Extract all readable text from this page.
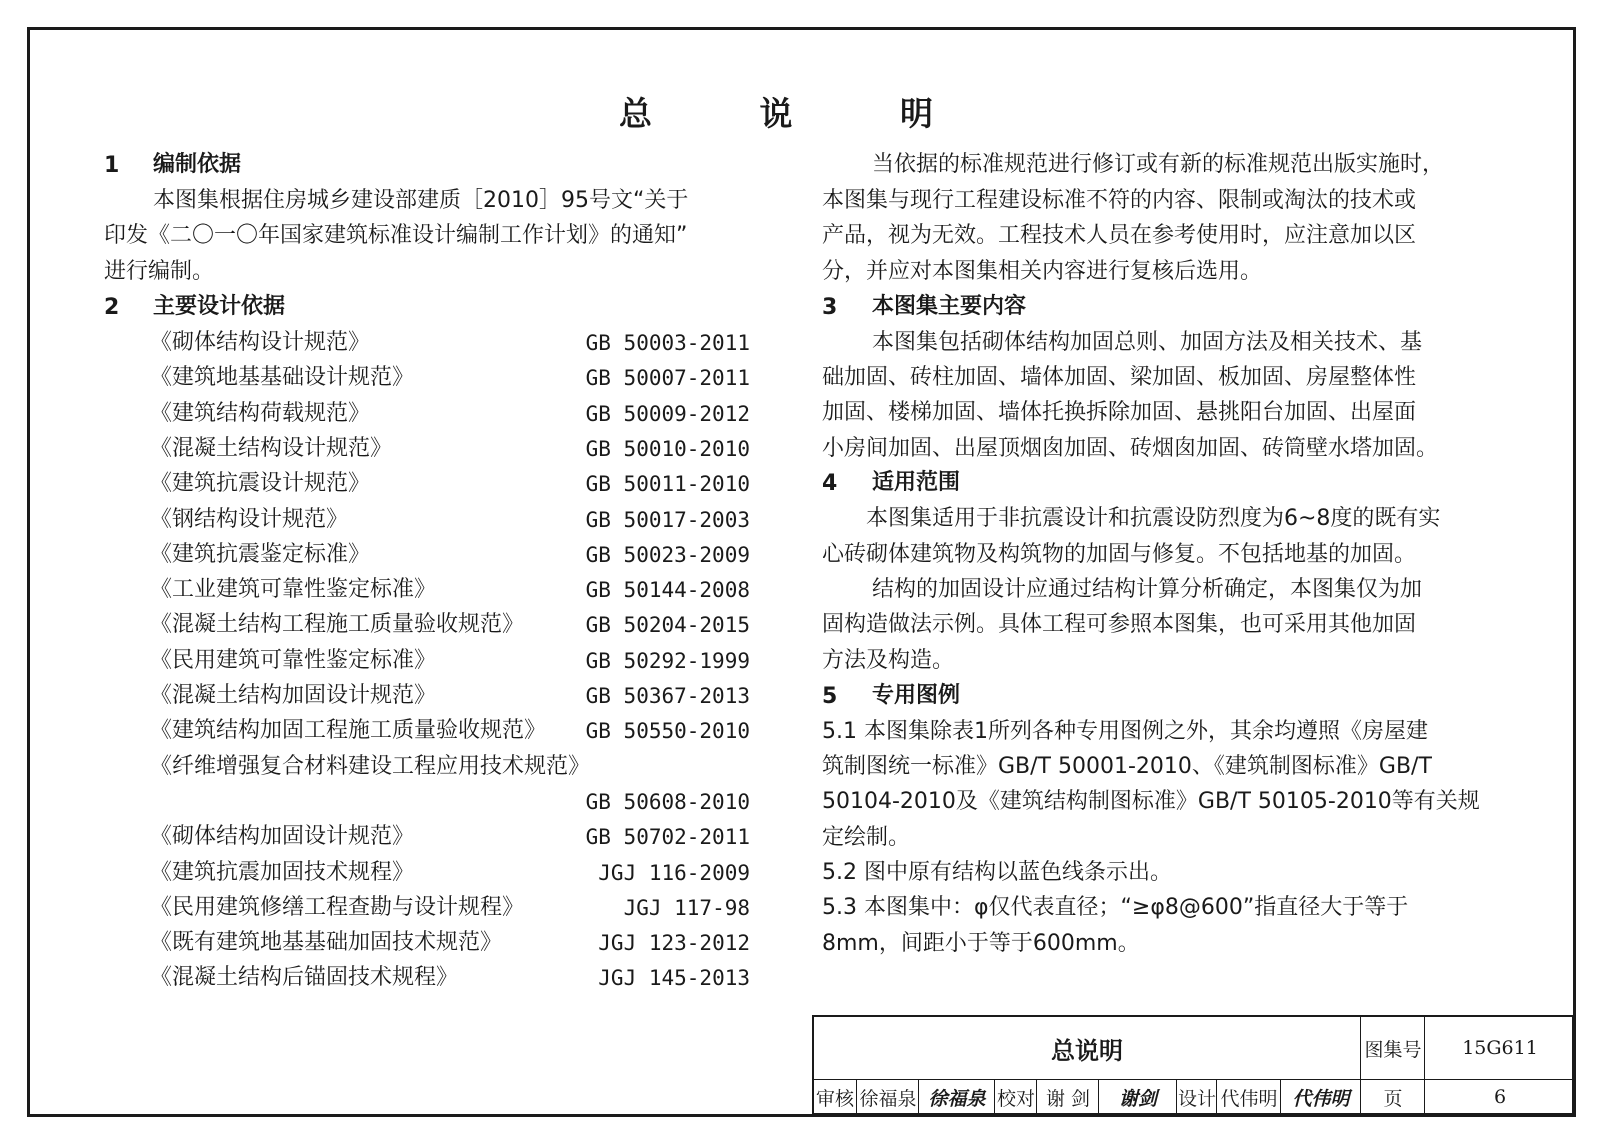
总 说 明
1 编制依据
本图集根据住房城乡建设部建质［2010］95号文“关于
印发《二〇一〇年国家建筑标准设计编制工作计划》的通知”
进行编制。
2 主要设计依据
《砌体结构设计规范》	GB 50003-2011
《建筑地基基础设计规范》	GB 50007-2011
《建筑结构荷载规范》	GB 50009-2012
《混凝土结构设计规范》	GB 50010-2010
《建筑抗震设计规范》	GB 50011-2010
《钢结构设计规范》	GB 50017-2003
《建筑抗震鉴定标准》	GB 50023-2009
《工业建筑可靠性鉴定标准》	GB 50144-2008
《混凝土结构工程施工质量验收规范》	GB 50204-2015
《民用建筑可靠性鉴定标准》	GB 50292-1999
《混凝土结构加固设计规范》	GB 50367-2013
《建筑结构加固工程施工质量验收规范》 GB 50550-2010
《纤维增强复合材料建设工程应用技术规范》
GB 50608-2010
《砌体结构加固设计规范》	GB 50702-2011
《建筑抗震加固技术规程》	JGJ 116-2009
《民用建筑修缮工程查勘与设计规程》	JGJ 117-98
《既有建筑地基基础加固技术规范》	JGJ 123-2012
《混凝土结构后锚固技术规程》	JGJ 145-2013
当依据的标准规范进行修订或有新的标准规范出版实施时，
本图集与现行工程建设标准不符的内容、限制或淘汰的技术或
产品，视为无效。工程技术人员在参考使用时，应注意加以区
分，并应对本图集相关内容进行复核后选用。
3 本图集主要内容
本图集包括砌体结构加固总则、加固方法及相关技术、基
础加固、砖柱加固、墙体加固、梁加固、板加固、房屋整体性
加固、楼梯加固、墙体托换拆除加固、悬挑阳台加固、出屋面
小房间加固、出屋顶烟囱加固、砖烟囱加固、砖筒壁水塔加固。
4 适用范围
本图集适用于非抗震设计和抗震设防烈度为6~8度的既有实
心砖砌体建筑物及构筑物的加固与修复。不包括地基的加固。
结构的加固设计应通过结构计算分析确定，本图集仅为加
固构造做法示例。具体工程可参照本图集，也可采用其他加固
方法及构造。
5 专用图例
5.1 本图集除表1所列各种专用图例之外，其余均遵照《房屋建
筑制图统一标准》GB/T 50001-2010、《建筑制图标准》GB/T
50104-2010及《建筑结构制图标准》GB/T 50105-2010等有关规
定绘制。
5.2 图中原有结构以蓝色线条示出。
5.3 本图集中：φ仅代表直径；“≥φ8@600”指直径大于等于
8mm，间距小于等于600mm。
总说明	图集号	15G611
审核 徐福泉 徐福泉 校对 谢 剑	谢剑	设计 代伟明 代伟明	页	6
